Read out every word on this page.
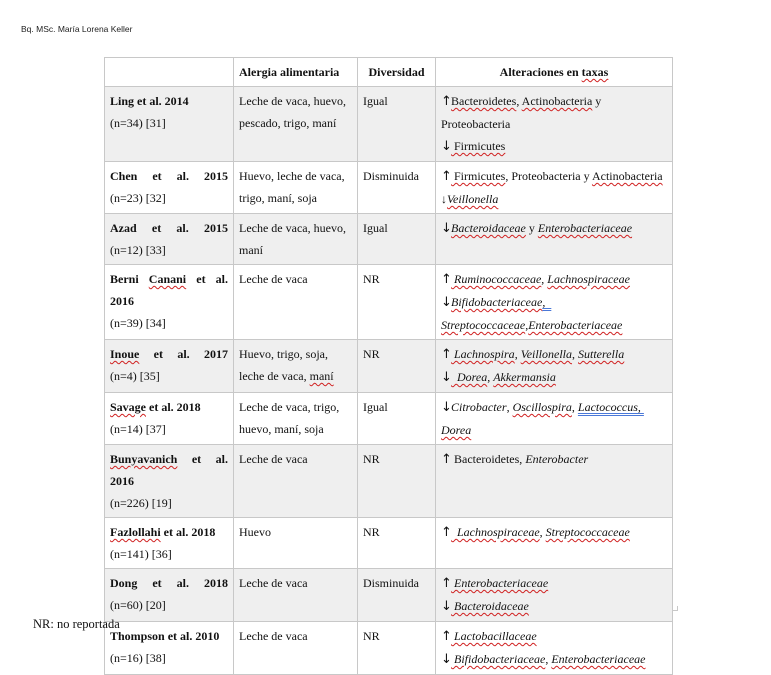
Bq. MSc. María Lorena Keller
	Alergia alimentaria	Diversidad	Alteraciones en taxas

Ling et al. 2014
(n=34) [31]	Leche de vaca, huevo, pescado, trigo, maní	Igual	↑Bacteroidetes, Actinobacteria y Proteobacteria
↓ Firmicutes

Chen et al. 2015
(n=23) [32]	Huevo, leche de vaca, trigo, maní, soja	Disminuida	↑ Firmicutes, Proteobacteria y Actinobacteria  ↓Veillonella

Azad et al. 2015
(n=12) [33]	Leche de vaca, huevo, maní	Igual	↓Bacteroidaceae y Enterobacteriaceae

Berni Canani et al. 2016
(n=39) [34]	Leche de vaca	NR	↑ Ruminococcaceae, Lachnospiraceae
↓Bifidobacteriaceae,
Streptococcaceae,Enterobacteriaceae

Inoue et al. 2017
(n=4) [35]	Huevo, trigo, soja, leche de vaca, maní	NR	↑ Lachnospira, Veillonella, Sutterella
↓  Dorea, Akkermansia

Savage et al. 2018
(n=14) [37]	Leche de vaca, trigo, huevo, maní, soja	Igual	↓Citrobacter, Oscillospira, Lactococcus,
Dorea

Bunyavanich et al. 2016
(n=226) [19]	Leche de vaca	NR	↑ Bacteroidetes, Enterobacter

Fazlollahi et al. 2018
(n=141) [36]	Huevo	NR	↑  Lachnospiraceae, Streptococcaceae

Dong et al. 2018
(n=60) [20]	Leche de vaca	Disminuida	↑ Enterobacteriaceae
↓ Bacteroidaceae

Thompson et al. 2010
(n=16) [38]	Leche de vaca	NR	↑ Lactobacillaceae
↓ Bifidobacteriaceae, Enterobacteriaceae
NR: no reportada
